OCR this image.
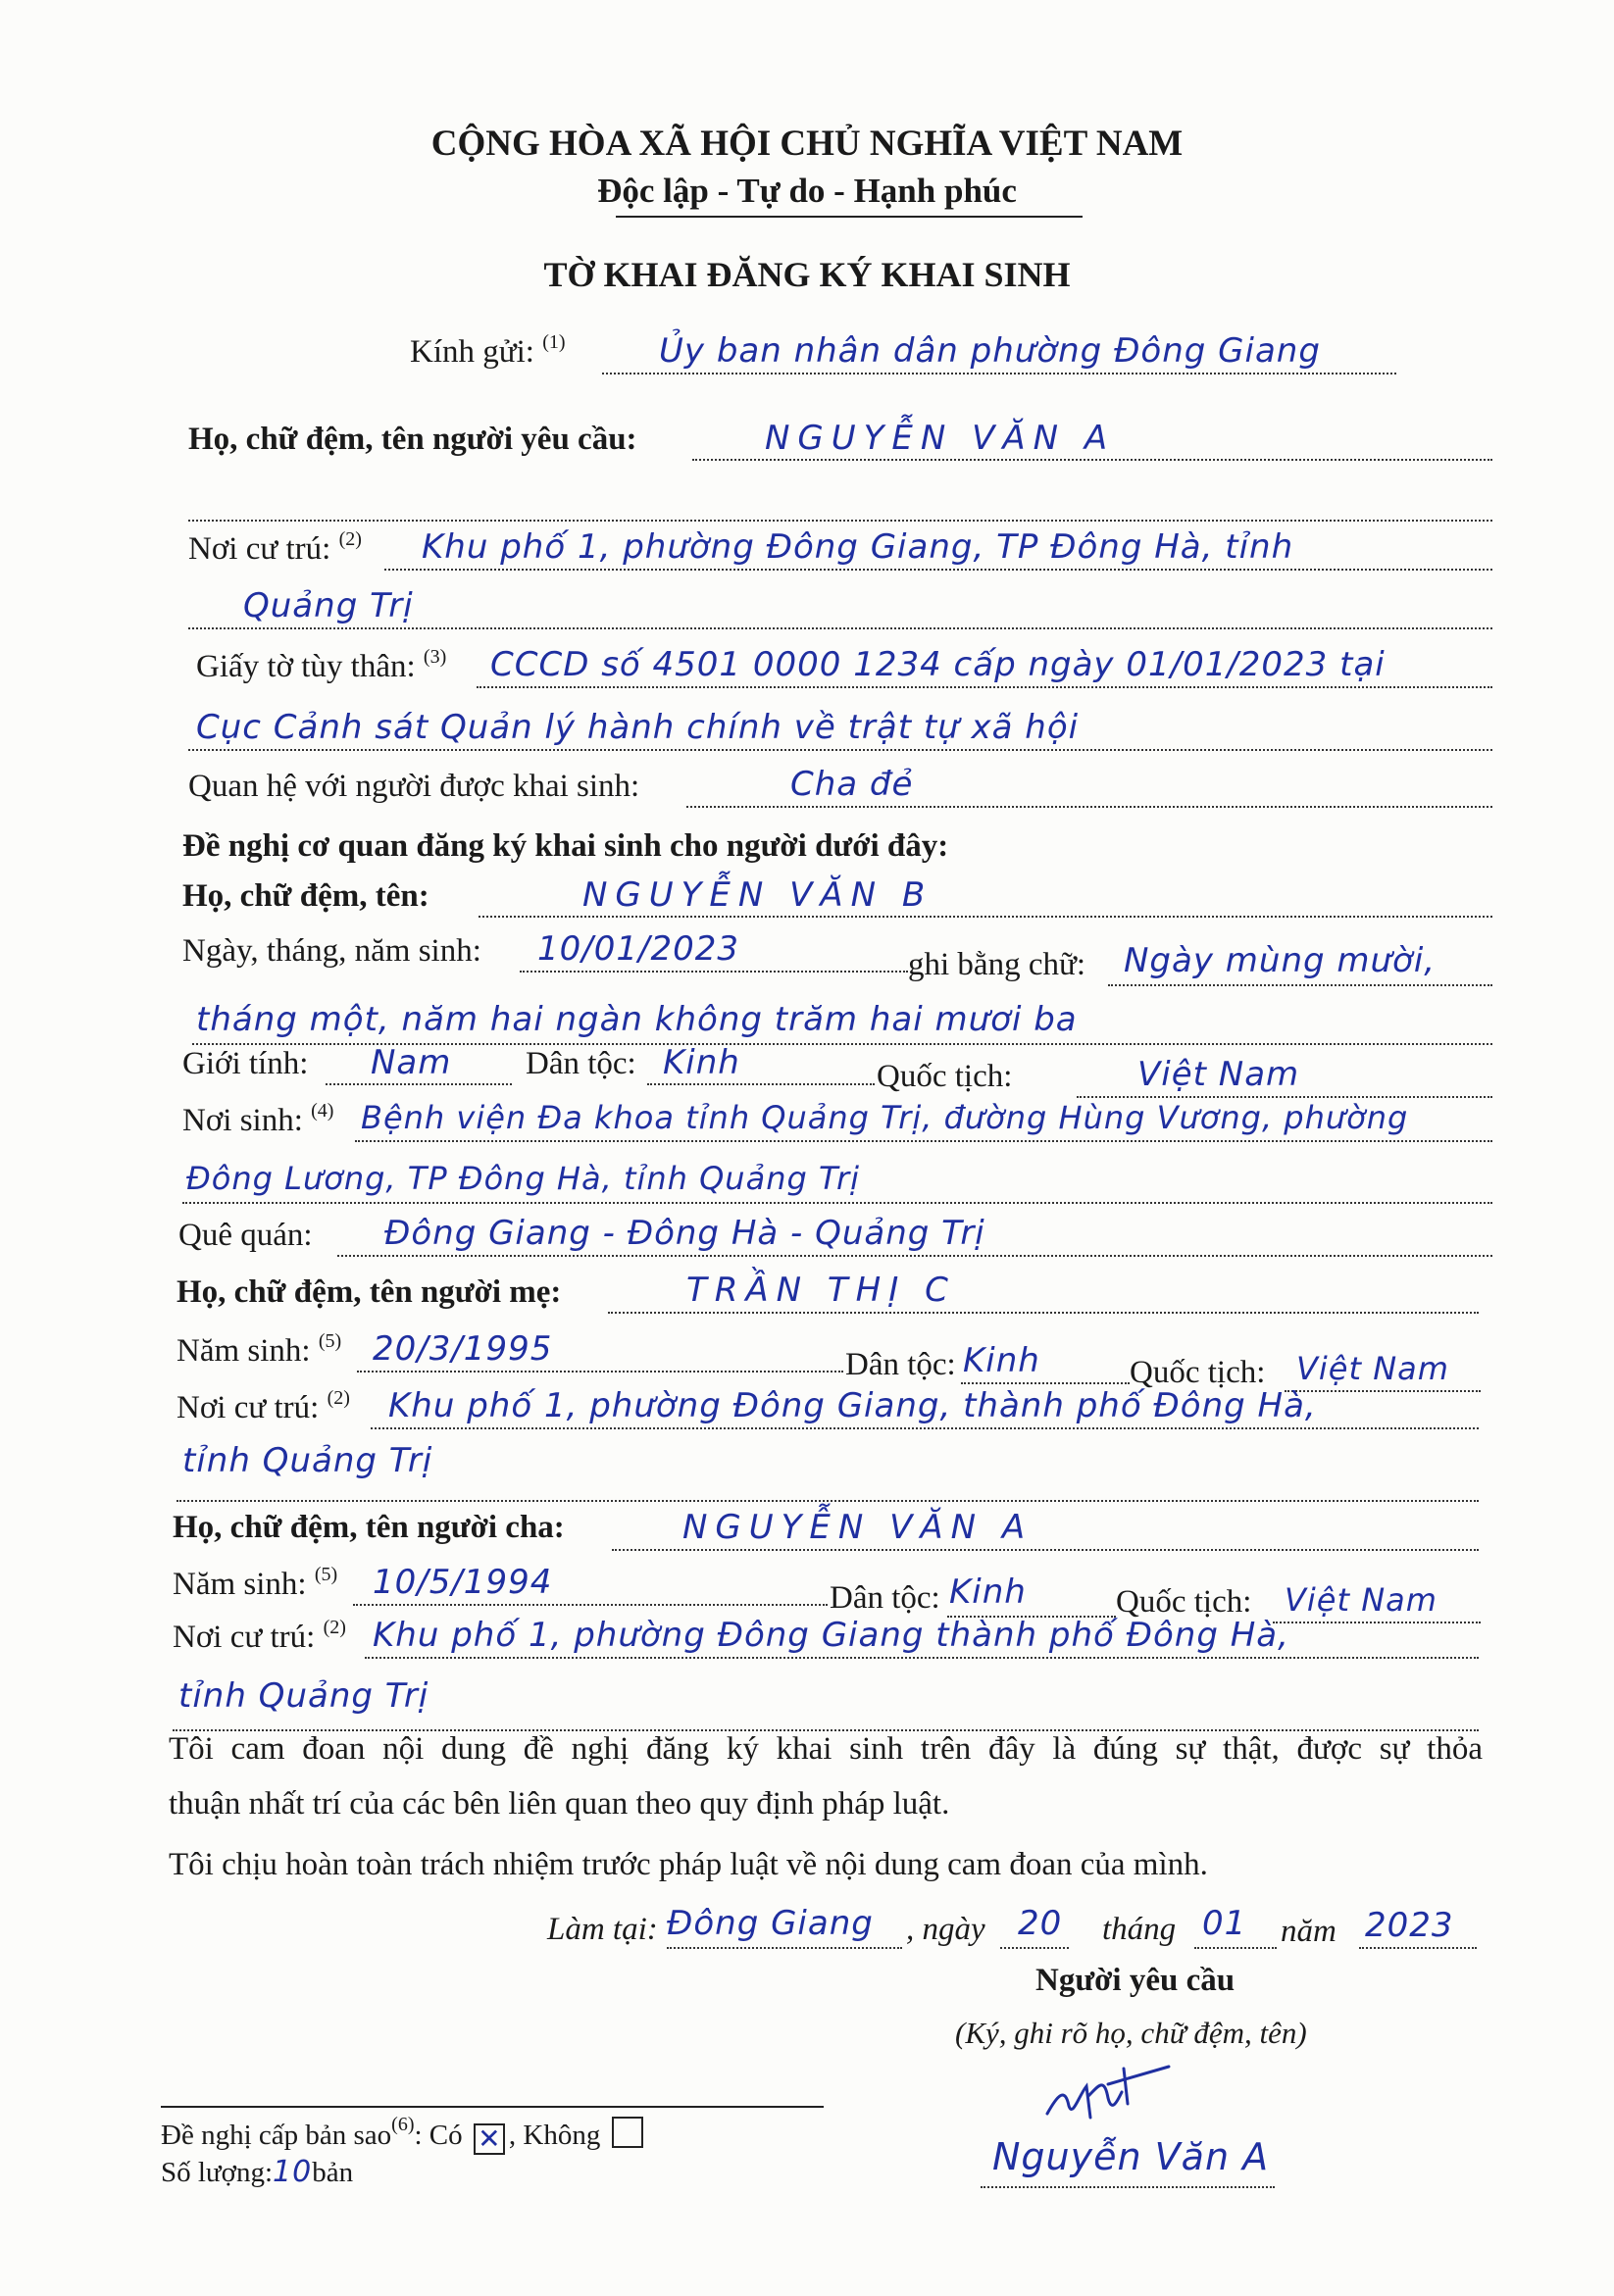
CỘNG HÒA XÃ HỘI CHỦ NGHĨA VIỆT NAM
Độc lập - Tự do - Hạnh phúc
TỜ KHAI ĐĂNG KÝ KHAI SINH
Kính gửi: $^{(1)}$	Ủy ban nhân dân phường Đông Giang
Họ, chữ đệm, tên người yêu cầu:	NGUYỄN VĂN A
Nơi cư trú: $^{(2)}$ Khu phố 1, phường Đông Giang, TP Đông Hà, tỉnh
Quảng Trị
Giấy tờ tùy thân: $^{(3)}$ CCCD số 4501 0000 1234 cấp ngày 01/01/2023 tại
Cục Cảnh sát Quản lý hành chính về trật tự xã hội
Quan hệ với người được khai sinh:	Cha đẻ
Đề nghị cơ quan đăng ký khai sinh cho người dưới đây:
Họ, chữ đệm, tên:	NGUYỄN VĂN B
Ngày, tháng, năm sinh: 10/01/2023	ghi bằng chữ: Ngày mùng mười,
tháng một, năm hai ngàn không trăm hai mươi ba
Giới tính: Nam Dân tộc: Kinh	Quốc tịch:	Việt Nam
Nơi sinh: $^{(4)}$ Bệnh viện Đa khoa tỉnh Quảng Trị, đường Hùng Vương, phường
Đông Lương, TP Đông Hà, tỉnh Quảng Trị
Quê quán: Đông Giang - Đông Hà - Quảng Trị
Họ, chữ đệm, tên người mẹ:	TRẦN THỊ C
Năm sinh: $^{(5)}$ 20/3/1995	Dân tộc: Kinh	Quốc tịch: Việt Nam
Nơi cư trú: $^{(2)}$ Khu phố 1, phường Đông Giang, thành phố Đông Hà,
tỉnh Quảng Trị
Họ, chữ đệm, tên người cha:	NGUYỄN VĂN A
Năm sinh: $^{(5)}$ 10/5/1994	Dân tộc: Kinh	Quốc tịch: Việt Nam
Nơi cư trú: $^{(2)}$ Khu phố 1, phường Đông Giang thành phố Đông Hà,
tỉnh Quảng Trị
Tôi cam đoan nội dung đề nghị đăng ký khai sinh trên đây là đúng sự thật, được sự thỏa
thuận nhất trí của các bên liên quan theo quy định pháp luật.
Tôi chịu hoàn toàn trách nhiệm trước pháp luật về nội dung cam đoan của mình.
Làm tại: Đông Giang , ngày 20 tháng 01 năm 2023
Người yêu cầu
(Ký, ghi rõ họ, chữ đệm, tên)
Nguyễn Văn A
Đề nghị cấp bản sao$^{(6)}$: Có ✕ , Không
Số lượng:10bản
